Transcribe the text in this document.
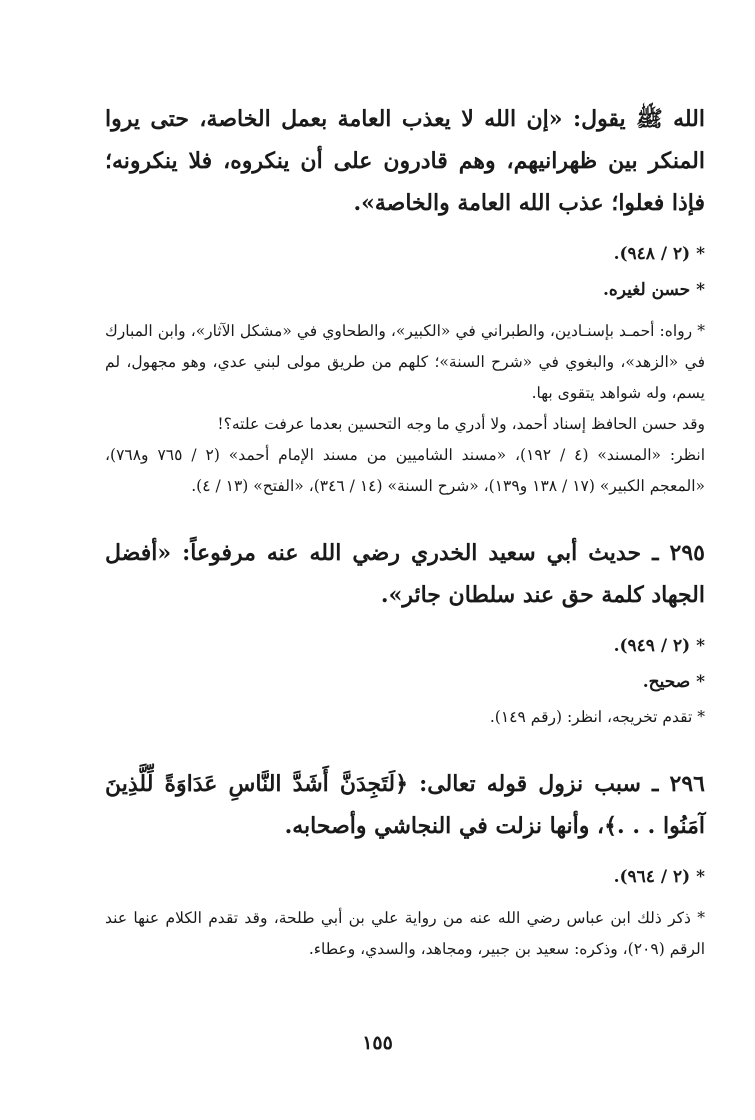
الله ﷺ يقول: «إن الله لا يعذب العامة بعمل الخاصة، حتى يروا المنكر بين ظهرانيهم، وهم قادرون على أن ينكروه، فلا ينكرونه؛ فإذا فعلوا؛ عذب الله العامة والخاصة».

* (٢ / ٩٤٨).

* حسن لغيره.

* رواه: أحمـد بإسنـادين، والطبراني في «الكبير»، والطحاوي في «مشكل الآثار»، وابن المبارك في «الزهد»، والبغوي في «شرح السنة»؛ كلهم من طريق مولى لبني عدي، وهو مجهول، لم يسم، وله شواهد يتقوى بها.

وقد حسن الحافظ إسناد أحمد، ولا أدري ما وجه التحسين بعدما عرفت علته؟!

انظر: «المسند» (٤ / ١٩٢)، «مسند الشاميين من مسند الإمام أحمد» (٢ / ٧٦٥ و٧٦٨)، «المعجم الكبير» (١٧ / ١٣٨ و١٣٩)، «شرح السنة» (١٤ / ٣٤٦)، «الفتح» (١٣ / ٤).

٢٩٥ ـ حديث أبي سعيد الخدري رضي الله عنه مرفوعاً: «أفضل الجهاد كلمة حق عند سلطان جائر».

* (٢ / ٩٤٩).

* صحيح.

* تقدم تخريجه، انظر: (رقم ١٤٩).

٢٩٦ ـ سبب نزول قوله تعالى: ﴿لَتَجِدَنَّ أَشَدَّ النَّاسِ عَدَاوَةً لِّلَّذِينَ آمَنُوا . . .﴾، وأنها نزلت في النجاشي وأصحابه.

* (٢ / ٩٦٤).

* ذكر ذلك ابن عباس رضي الله عنه من رواية علي بن أبي طلحة، وقد تقدم الكلام عنها عند الرقم (٢٠٩)، وذكره: سعيد بن جبير، ومجاهد، والسدي، وعطاء.

١٥٥
